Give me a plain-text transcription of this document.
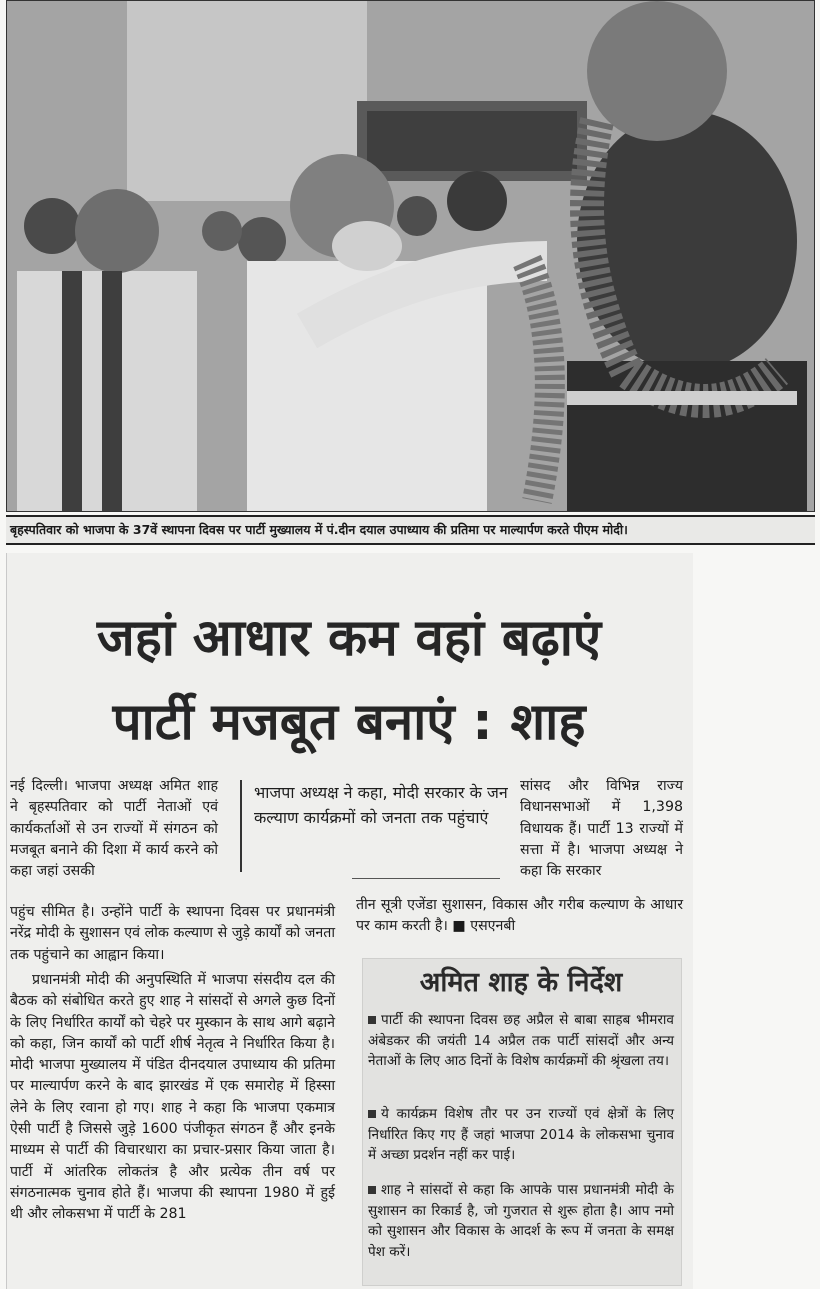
बृहस्पतिवार को भाजपा के 37वें स्थापना दिवस पर पार्टी मुख्यालय में पं.दीन दयाल उपाध्याय की प्रतिमा पर माल्यार्पण करते पीएम मोदी।
जहां आधार कम वहां बढ़ाएं
पार्टी मजबूत बनाएं : शाह
नई दिल्ली। भाजपा अध्यक्ष अमित शाह ने बृहस्पतिवार को पार्टी नेताओं एवं कार्यकर्ताओं से उन राज्यों में संगठन को मजबूत बनाने की दिशा में कार्य करने को कहा जहां उसकी
पहुंच सीमित है। उन्होंने पार्टी के स्थापना दिवस पर प्रधानमंत्री नरेंद्र मोदी के सुशासन एवं लोक कल्याण से जुड़े कार्यों को जनता तक पहुंचाने का आह्वान किया।
प्रधानमंत्री मोदी की अनुपस्थिति में भाजपा संसदीय दल की बैठक को संबोधित करते हुए शाह ने सांसदों से अगले कुछ दिनों के लिए निर्धारित कार्यों को चेहरे पर मुस्कान के साथ आगे बढ़ाने को कहा, जिन कार्यों को पार्टी शीर्ष नेतृत्व ने निर्धारित किया है। मोदी भाजपा मुख्यालय में पंडित दीनदयाल उपाध्याय की प्रतिमा पर माल्यार्पण करने के बाद झारखंड में एक समारोह में हिस्सा लेने के लिए रवाना हो गए। शाह ने कहा कि भाजपा एकमात्र ऐसी पार्टी है जिससे जुड़े 1600 पंजीकृत संगठन हैं और इनके माध्यम से पार्टी की विचारधारा का प्रचार-प्रसार किया जाता है। पार्टी में आंतरिक लोकतंत्र है और प्रत्येक तीन वर्ष पर संगठनात्मक चुनाव होते हैं। भाजपा की स्थापना 1980 में हुई थी और लोकसभा में पार्टी के 281
भाजपा अध्यक्ष ने कहा, मोदी सरकार के जन कल्याण कार्यक्रमों को जनता तक पहुंचाएं
सांसद और विभिन्न राज्य विधानसभाओं में 1,398 विधायक हैं। पार्टी 13 राज्यों में सत्ता में है। भाजपा अध्यक्ष ने कहा कि सरकार
तीन सूत्री एजेंडा सुशासन, विकास और गरीब कल्याण के आधार पर काम करती है। ■ एसएनबी
अमित शाह के निर्देश
पार्टी की स्थापना दिवस छह अप्रैल से बाबा साहब भीमराव अंबेडकर की जयंती 14 अप्रैल तक पार्टी सांसदों और अन्य नेताओं के लिए आठ दिनों के विशेष कार्यक्रमों की श्रृंखला तय।
ये कार्यक्रम विशेष तौर पर उन राज्यों एवं क्षेत्रों के लिए निर्धारित किए गए हैं जहां भाजपा 2014 के लोकसभा चुनाव में अच्छा प्रदर्शन नहीं कर पाई।
शाह ने सांसदों से कहा कि आपके पास प्रधानमंत्री मोदी के सुशासन का रिकार्ड है, जो गुजरात से शुरू होता है। आप नमो को सुशासन और विकास के आदर्श के रूप में जनता के समक्ष पेश करें।
